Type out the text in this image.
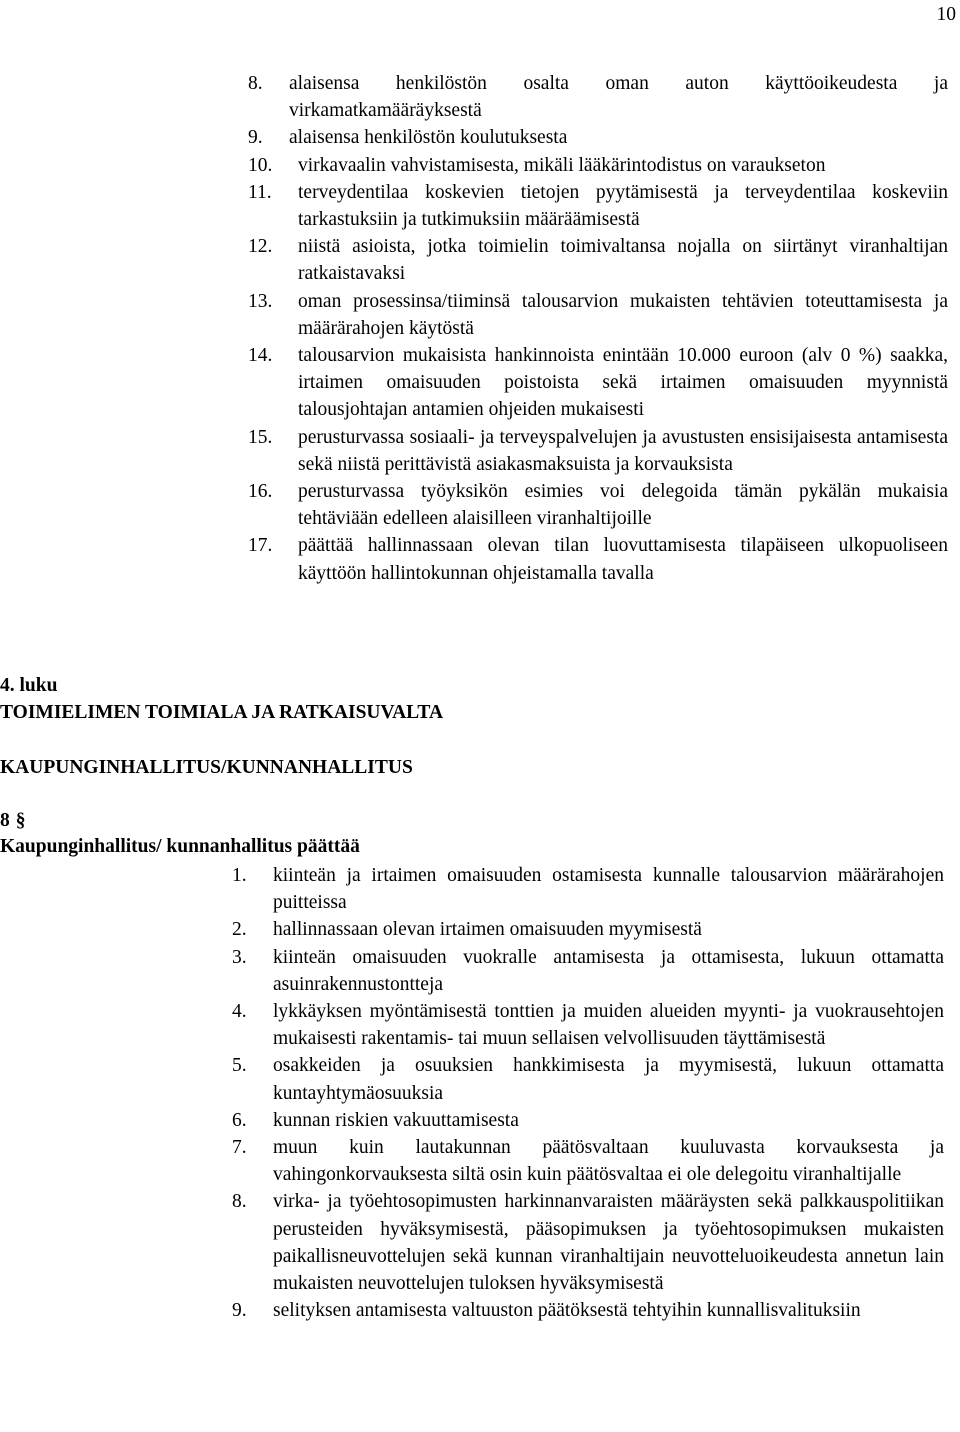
10
8. alaisensa henkilöstön osalta oman auton käyttöoikeudesta ja virkamatkamääräyksestä
9. alaisensa henkilöstön koulutuksesta
10. virkavaalin vahvistamisesta, mikäli lääkärintodistus on varaukseton
11. terveydentilaa koskevien tietojen pyytämisestä ja terveydentilaa koskeviin tarkastuksiin ja tutkimuksiin määräämisestä
12. niistä asioista, jotka toimielin toimivaltansa nojalla on siirtänyt viranhaltijan ratkaistavaksi
13. oman prosessinsa/tiiminsä talousarvion mukaisten tehtävien toteuttamisesta ja määrärahojen käytöstä
14. talousarvion mukaisista hankinnoista enintään 10.000 euroon (alv 0 %) saakka, irtaimen omaisuuden poistoista sekä irtaimen omaisuuden myynnistä talousjohtajan antamien ohjeiden mukaisesti
15. perusturvassa sosiaali- ja terveyspalvelujen ja avustusten ensisijaisesta antamisesta sekä niistä perittävistä asiakasmaksuista ja korvauksista
16. perusturvassa työyksikön esimies voi delegoida tämän pykälän mukaisia tehtäviään edelleen alaisilleen viranhaltijoille
17. päättää hallinnassaan olevan tilan luovuttamisesta tilapäiseen ulkopuoliseen käyttöön hallintokunnan ohjeistamalla tavalla
4. luku
TOIMIELIMEN TOIMIALA JA RATKAISUVALTA
KAUPUNGINHALLITUS/KUNNANHALLITUS
8 §
Kaupunginhallitus/ kunnanhallitus päättää
1. kiinteän ja irtaimen omaisuuden ostamisesta kunnalle talousarvion määrärahojen puitteissa
2. hallinnassaan olevan irtaimen omaisuuden myymisestä
3. kiinteän omaisuuden vuokralle antamisesta ja ottamisesta, lukuun ottamatta asuinrakennustontteja
4. lykkäyksen myöntämisestä tonttien ja muiden alueiden myynti- ja vuokrausehtojen mukaisesti rakentamis- tai muun sellaisen velvollisuuden täyttämisestä
5. osakkeiden ja osuuksien hankkimisesta ja myymisestä, lukuun ottamatta kuntayhtymäosuuksia
6. kunnan riskien vakuuttamisesta
7. muun kuin lautakunnan päätösvaltaan kuuluvasta korvauksesta ja vahingonkorvauksesta siltä osin kuin päätösvaltaa ei ole delegoitu viranhaltijalle
8. virka- ja työehtosopimusten harkinnanvaraisten määräysten sekä palkkauspolitiikan perusteiden hyväksymisestä, pääsopimuksen ja työehtosopimuksen mukaisten paikallisneuvottelujen sekä kunnan viranhaltijain neuvotteluoikeudesta annetun lain mukaisten neuvottelujen tuloksen hyväksymisestä
9. selityksen antamisesta valtuuston päätöksestä tehtyihin kunnallisvalituksiin
